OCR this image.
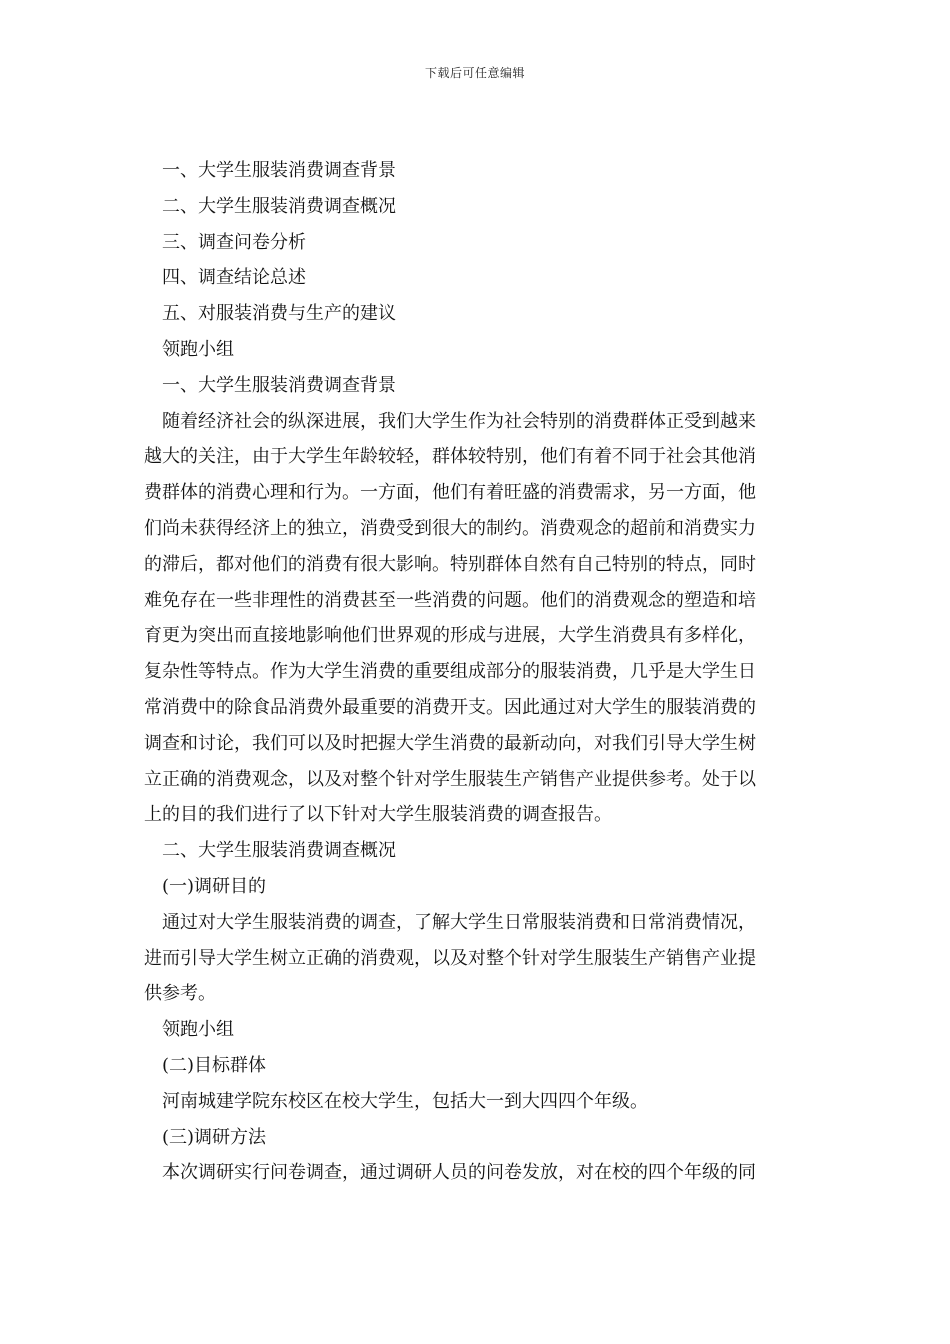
下载后可任意编辑

一、大学生服装消费调查背景

二、大学生服装消费调查概况

三、调查问卷分析

四、调查结论总述

五、对服装消费与生产的建议

领跑小组

一、大学生服装消费调查背景

随着经济社会的纵深进展，我们大学生作为社会特别的消费群体正受到越来

越大的关注，由于大学生年龄较轻，群体较特别，他们有着不同于社会其他消

费群体的消费心理和行为。一方面，他们有着旺盛的消费需求，另一方面，他

们尚未获得经济上的独立，消费受到很大的制约。消费观念的超前和消费实力

的滞后，都对他们的消费有很大影响。特别群体自然有自己特别的特点，同时

难免存在一些非理性的消费甚至一些消费的问题。他们的消费观念的塑造和培

育更为突出而直接地影响他们世界观的形成与进展，大学生消费具有多样化，

复杂性等特点。作为大学生消费的重要组成部分的服装消费，几乎是大学生日

常消费中的除食品消费外最重要的消费开支。因此通过对大学生的服装消费的

调查和讨论，我们可以及时把握大学生消费的最新动向，对我们引导大学生树

立正确的消费观念，以及对整个针对学生服装生产销售产业提供参考。处于以

上的目的我们进行了以下针对大学生服装消费的调查报告。

二、大学生服装消费调查概况

(一)调研目的

通过对大学生服装消费的调查，了解大学生日常服装消费和日常消费情况，

进而引导大学生树立正确的消费观，以及对整个针对学生服装生产销售产业提

供参考。

领跑小组

(二)目标群体

河南城建学院东校区在校大学生，包括大一到大四四个年级。

(三)调研方法

本次调研实行问卷调查，通过调研人员的问卷发放，对在校的四个年级的同
